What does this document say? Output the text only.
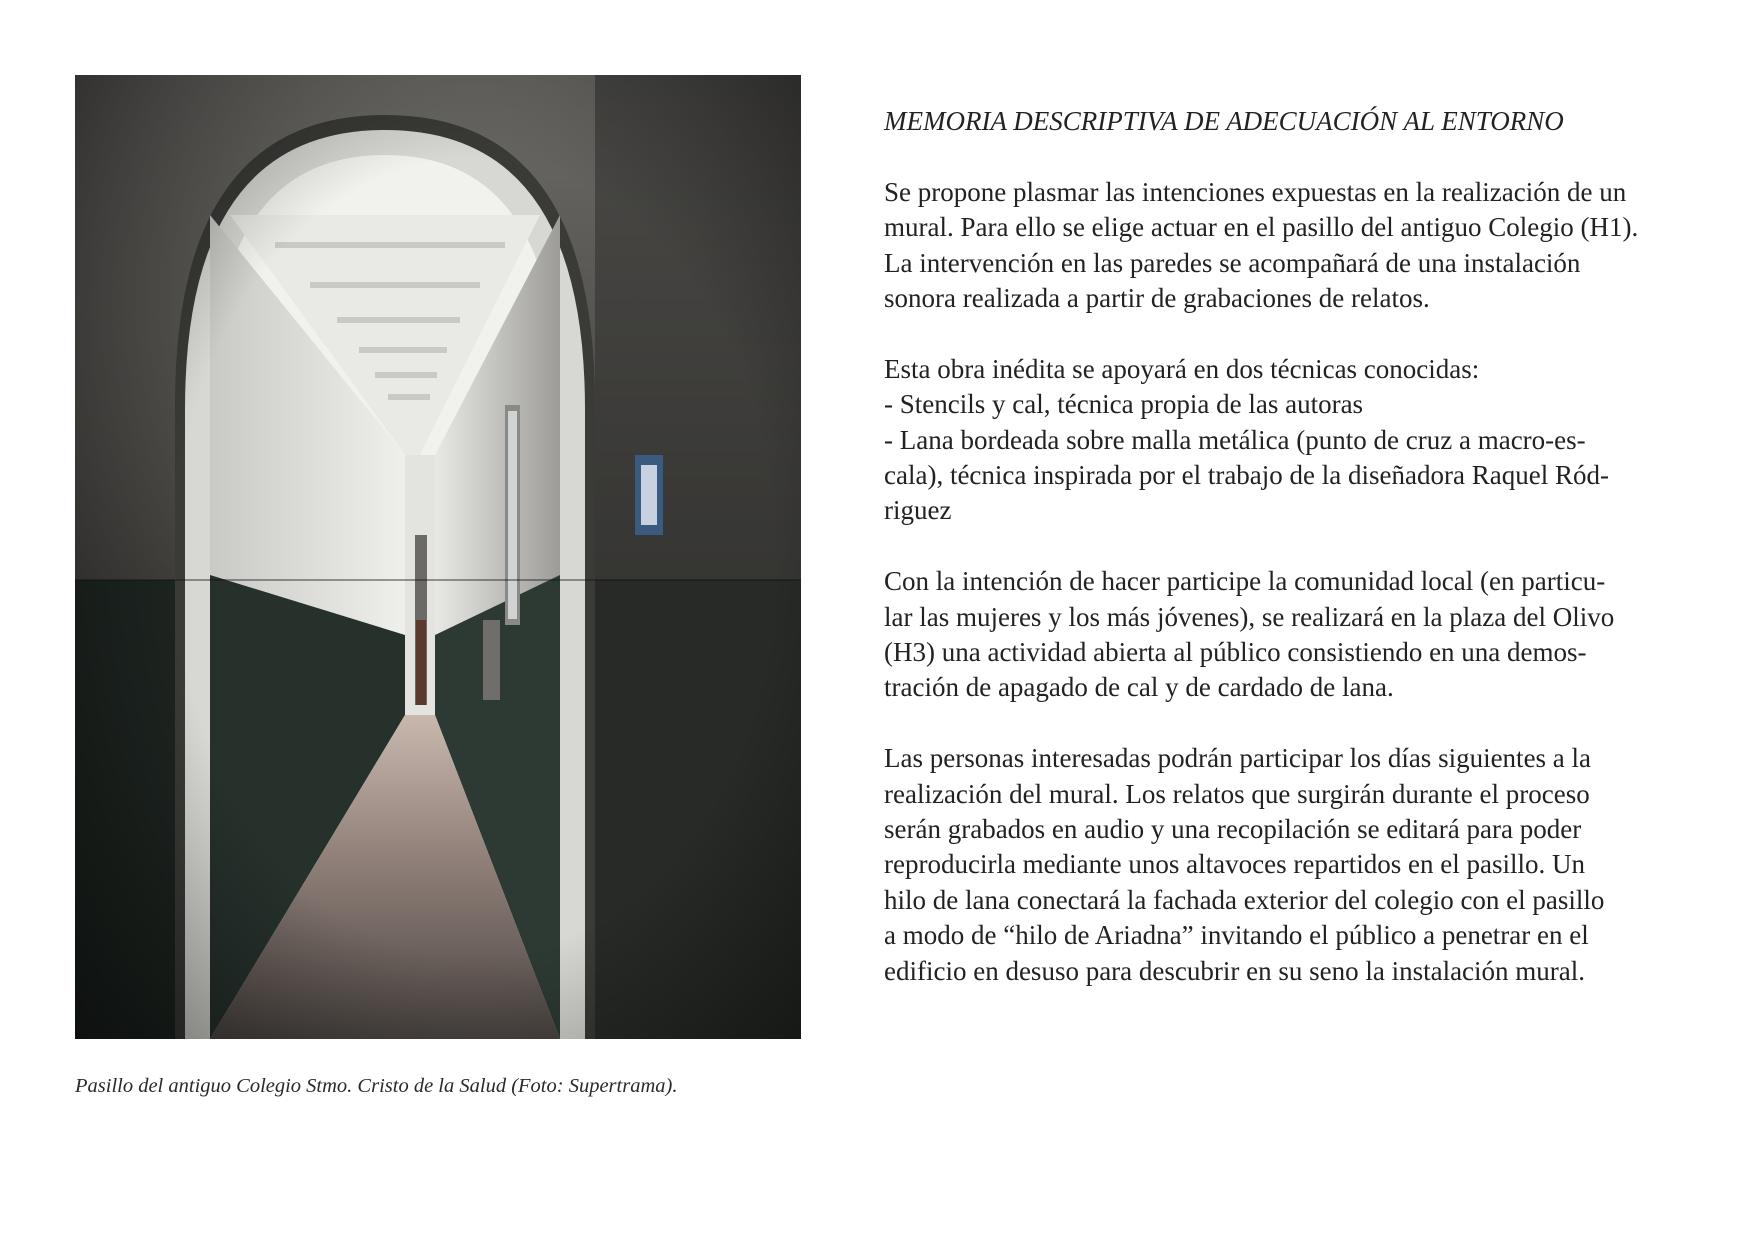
Pasillo del antiguo Colegio Stmo. Cristo de la Salud (Foto: Supertrama).
MEMORIA DESCRIPTIVA DE ADECUACIÓN AL ENTORNO

Se propone plasmar las intenciones expuestas en la realización de un
mural. Para ello se elige actuar en el pasillo del antiguo Colegio (H1).
La intervención en las paredes se acompañará de una instalación
sonora realizada a partir de grabaciones de relatos.

Esta obra inédita se apoyará en dos técnicas conocidas:
- Stencils y cal, técnica propia de las autoras
- Lana bordeada sobre malla metálica (punto de cruz a macro-es-
cala), técnica inspirada por el trabajo de la diseñadora Raquel Ród-
riguez

Con la intención de hacer participe la comunidad local (en particu-
lar las mujeres y los más jóvenes), se realizará en la plaza del Olivo
(H3) una actividad abierta al público consistiendo en una demos-
tración de apagado de cal y de cardado de lana.

Las personas interesadas podrán participar los días siguientes a la
realización del mural. Los relatos que surgirán durante el proceso
serán grabados en audio y una recopilación se editará para poder
reproducirla mediante unos altavoces repartidos en el pasillo. Un
hilo de lana conectará la fachada exterior del colegio con el pasillo
a modo de “hilo de Ariadna” invitando el público a penetrar en el
edificio en desuso para descubrir en su seno la instalación mural.
